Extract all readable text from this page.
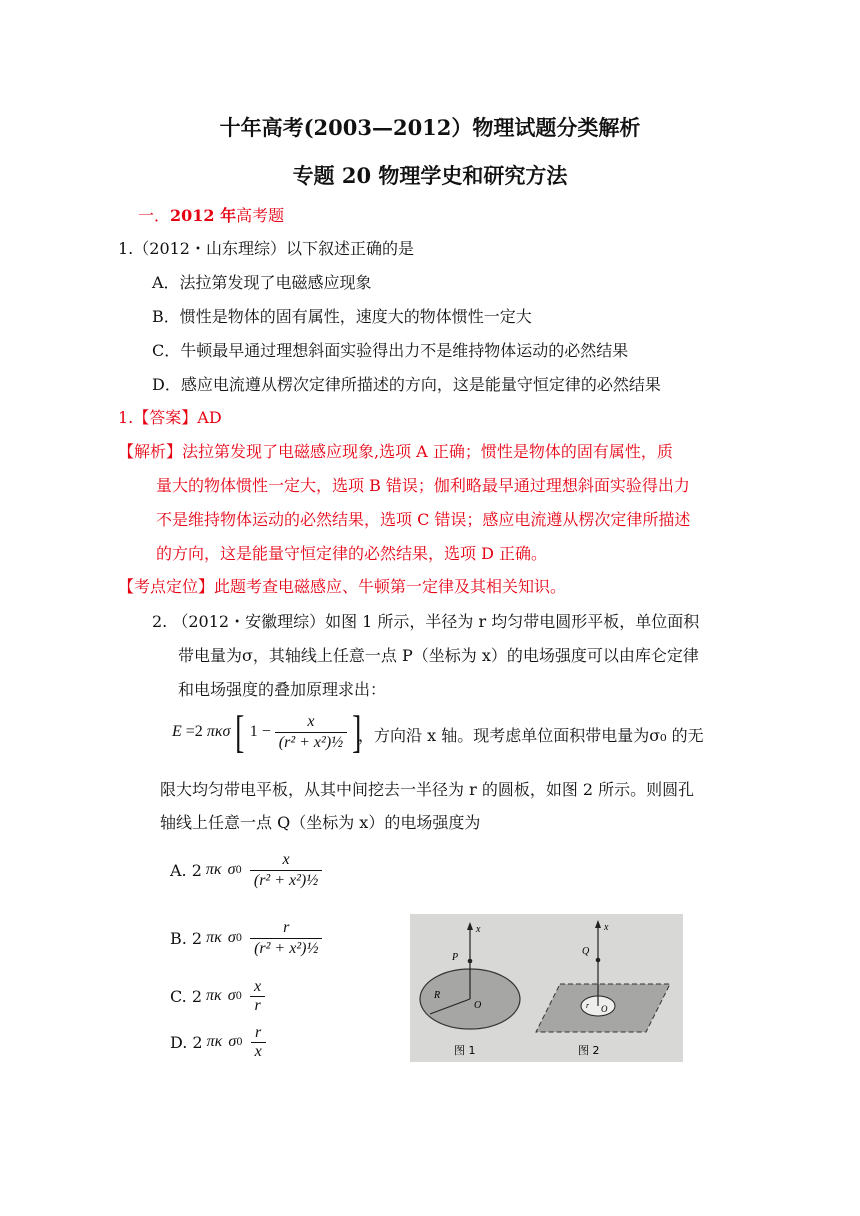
十年高考(2003—2012）物理试题分类解析
专题 20 物理学史和研究方法
一．2012 年高考题
1.（2012・山东理综）以下叙述正确的是
A．法拉第发现了电磁感应现象
B．惯性是物体的固有属性，速度大的物体惯性一定大
C．牛顿最早通过理想斜面实验得出力不是维持物体运动的必然结果
D．感应电流遵从楞次定律所描述的方向，这是能量守恒定律的必然结果
1.【答案】AD
【解析】法拉第发现了电磁感应现象,选项 A 正确；惯性是物体的固有属性，质
量大的物体惯性一定大，选项 B 错误；伽利略最早通过理想斜面实验得出力
不是维持物体运动的必然结果，选项 C 错误；感应电流遵从楞次定律所描述
的方向，这是能量守恒定律的必然结果，选项 D 正确。
【考点定位】此题考查电磁感应、牛顿第一定律及其相关知识。
2. （2012・安徽理综）如图 1 所示，半径为 r 均匀带电圆形平板，单位面积
带电量为σ，其轴线上任意一点 P（坐标为 x）的电场强度可以由库仑定律
和电场强度的叠加原理求出：
E =2 πκσ [ $1 - \frac{x}{\text{(r² + x²)½}}$ ]
，方向沿 x 轴。现考虑单位面积带电量为σ₀ 的无
限大均匀带电平板，从其中间挖去一半径为 r 的圆板，如图 2 所示。则圆孔
轴线上任意一点 Q（坐标为 x）的电场强度为
A. 2 πκ σ $0 \frac{x}{\text{(r² + x²)½}}$
B. 2 πκ σ $0 \frac{r}{\text{(r² + x²)½}}$
C. 2 πκ σ $0 \frac{x}{r}$
D. 2 πκ σ $0 \frac{r}{x}$
x
P
R
O
图 1
x
Q
r O
图 2
